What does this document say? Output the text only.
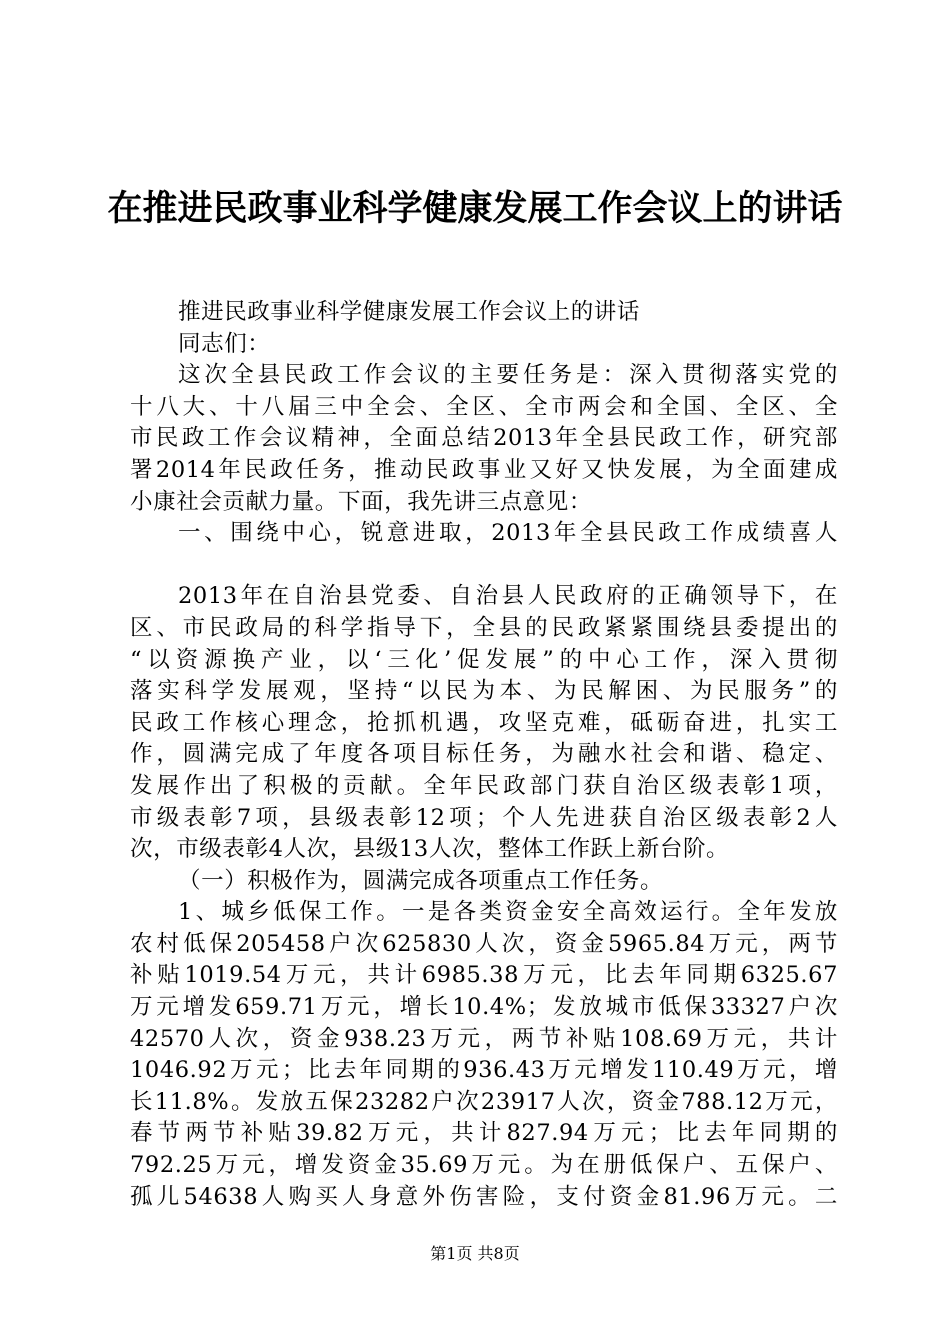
在推进民政事业科学健康发展工作会议上的讲话
推进民政事业科学健康发展工作会议上的讲话
同志们：
这次全县民政工作会议的主要任务是：深入贯彻落实党的
十八大、十八届三中全会、全区、全市两会和全国、全区、全
市民政工作会议精神，全面总结2013年全县民政工作，研究部
署2014年民政任务，推动民政事业又好又快发展，为全面建成
小康社会贡献力量。下面，我先讲三点意见：
一、围绕中心，锐意进取，2013年全县民政工作成绩喜人
2013年在自治县党委、自治县人民政府的正确领导下，在
区、市民政局的科学指导下，全县的民政紧紧围绕县委提出的
“以资源换产业，以‘三化’促发展”的中心工作，深入贯彻
落实科学发展观，坚持“以民为本、为民解困、为民服务”的
民政工作核心理念，抢抓机遇，攻坚克难，砥砺奋进，扎实工
作，圆满完成了年度各项目标任务，为融水社会和谐、稳定、
发展作出了积极的贡献。全年民政部门获自治区级表彰1项，
市级表彰7项，县级表彰12项；个人先进获自治区级表彰2人
次，市级表彰4人次，县级13人次，整体工作跃上新台阶。
（一）积极作为，圆满完成各项重点工作任务。
1、城乡低保工作。一是各类资金安全高效运行。全年发放
农村低保205458户次625830人次，资金5965.84万元，两节
补贴1019.54万元，共计6985.38万元，比去年同期6325.67
万元增发659.71万元，增长10.4%；发放城市低保33327户次
42570人次，资金938.23万元，两节补贴108.69万元，共计
1046.92万元；比去年同期的936.43万元增发110.49万元，增
长11.8%。发放五保23282户次23917人次，资金788.12万元，
春节两节补贴39.82万元，共计827.94万元；比去年同期的
792.25万元，增发资金35.69万元。为在册低保户、五保户、
孤儿54638人购买人身意外伤害险，支付资金81.96万元。二
第1页 共8页
